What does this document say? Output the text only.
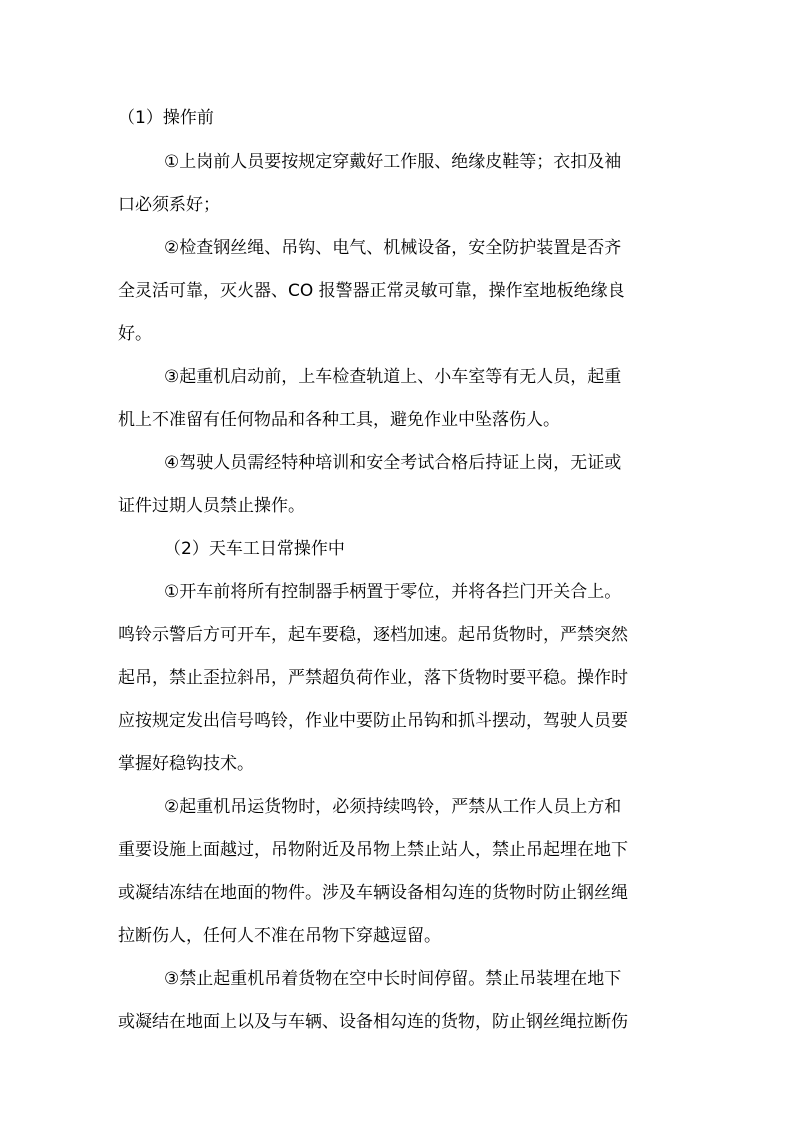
（1）操作前
①上岗前人员要按规定穿戴好工作服、绝缘皮鞋等；衣扣及袖
口必须系好；
②检查钢丝绳、吊钩、电气、机械设备，安全防护装置是否齐
全灵活可靠，灭火器、CO 报警器正常灵敏可靠，操作室地板绝缘良
好。
③起重机启动前，上车检查轨道上、小车室等有无人员，起重
机上不准留有任何物品和各种工具，避免作业中坠落伤人。
④驾驶人员需经特种培训和安全考试合格后持证上岗，无证或
证件过期人员禁止操作。
（2）天车工日常操作中
①开车前将所有控制器手柄置于零位，并将各拦门开关合上。
鸣铃示警后方可开车，起车要稳，逐档加速。起吊货物时，严禁突然
起吊，禁止歪拉斜吊，严禁超负荷作业，落下货物时要平稳。操作时
应按规定发出信号鸣铃，作业中要防止吊钩和抓斗摆动，驾驶人员要
掌握好稳钩技术。
②起重机吊运货物时，必须持续鸣铃，严禁从工作人员上方和
重要设施上面越过，吊物附近及吊物上禁止站人，禁止吊起埋在地下
或凝结冻结在地面的物件。涉及车辆设备相勾连的货物时防止钢丝绳
拉断伤人，任何人不准在吊物下穿越逗留。
③禁止起重机吊着货物在空中长时间停留。禁止吊装埋在地下
或凝结在地面上以及与车辆、设备相勾连的货物，防止钢丝绳拉断伤
